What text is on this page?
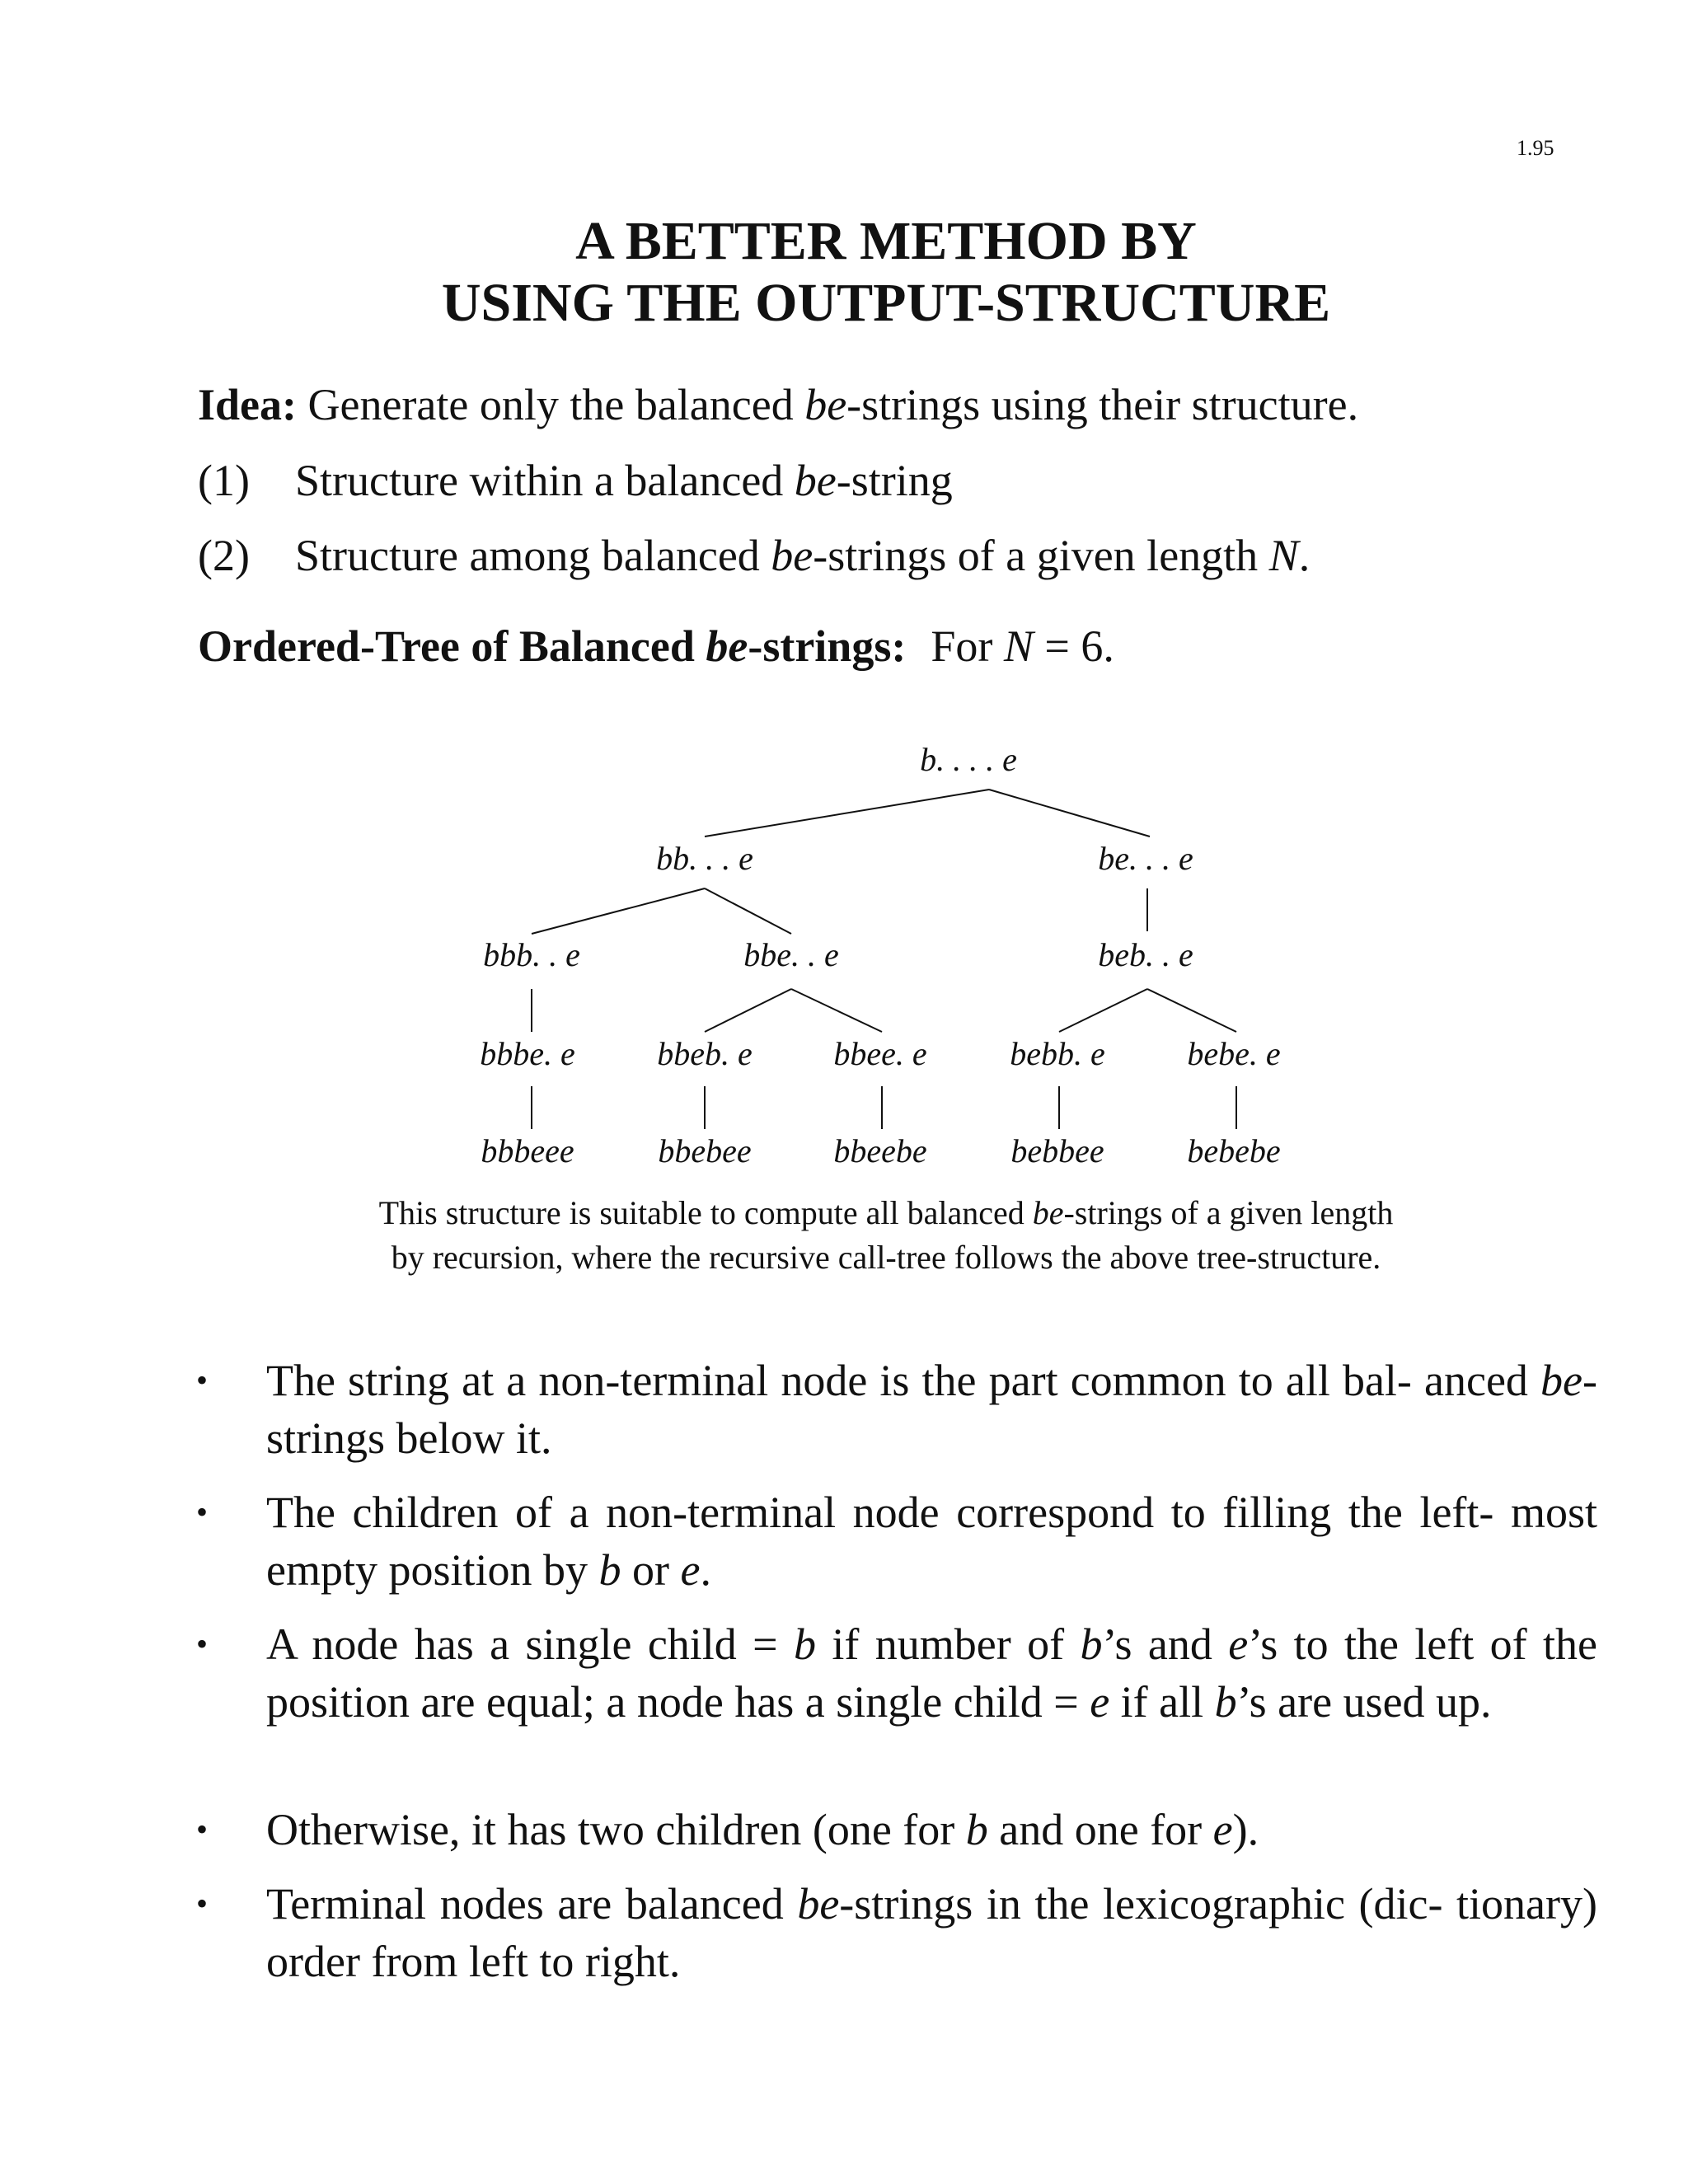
1.95
A BETTER METHOD BY
USING THE OUTPUT-STRUCTURE
Idea: Generate only the balanced be-strings using their structure.
(1) Structure within a balanced be-string
(2) Structure among balanced be-strings of a given length N.
Ordered-Tree of Balanced be-strings: For N = 6.
b. . . . e
bb. . . e	be. . . e
bbb. . e	bbe. . e	beb. . e
bbbe. e bbeb. e bbee. e	bebb. e bebe. e
bbbeee	bbebee bbeebe	bebbee	bebebe
This structure is suitable to compute all balanced be-strings of a given length
by recursion, where the recursive call-tree follows the above tree-structure.
• The string at a non-terminal node is the part common to all bal- anced be-strings below it.
• The children of a non-terminal node correspond to filling the left- most empty position by b or e.
• A node has a single child = b if number of b’s and e’s to the left of the position are equal; a node has a single child = e if all b’s are used up.
• Otherwise, it has two children (one for b and one for e).
• Terminal nodes are balanced be-strings in the lexicographic (dic- tionary) order from left to right.
